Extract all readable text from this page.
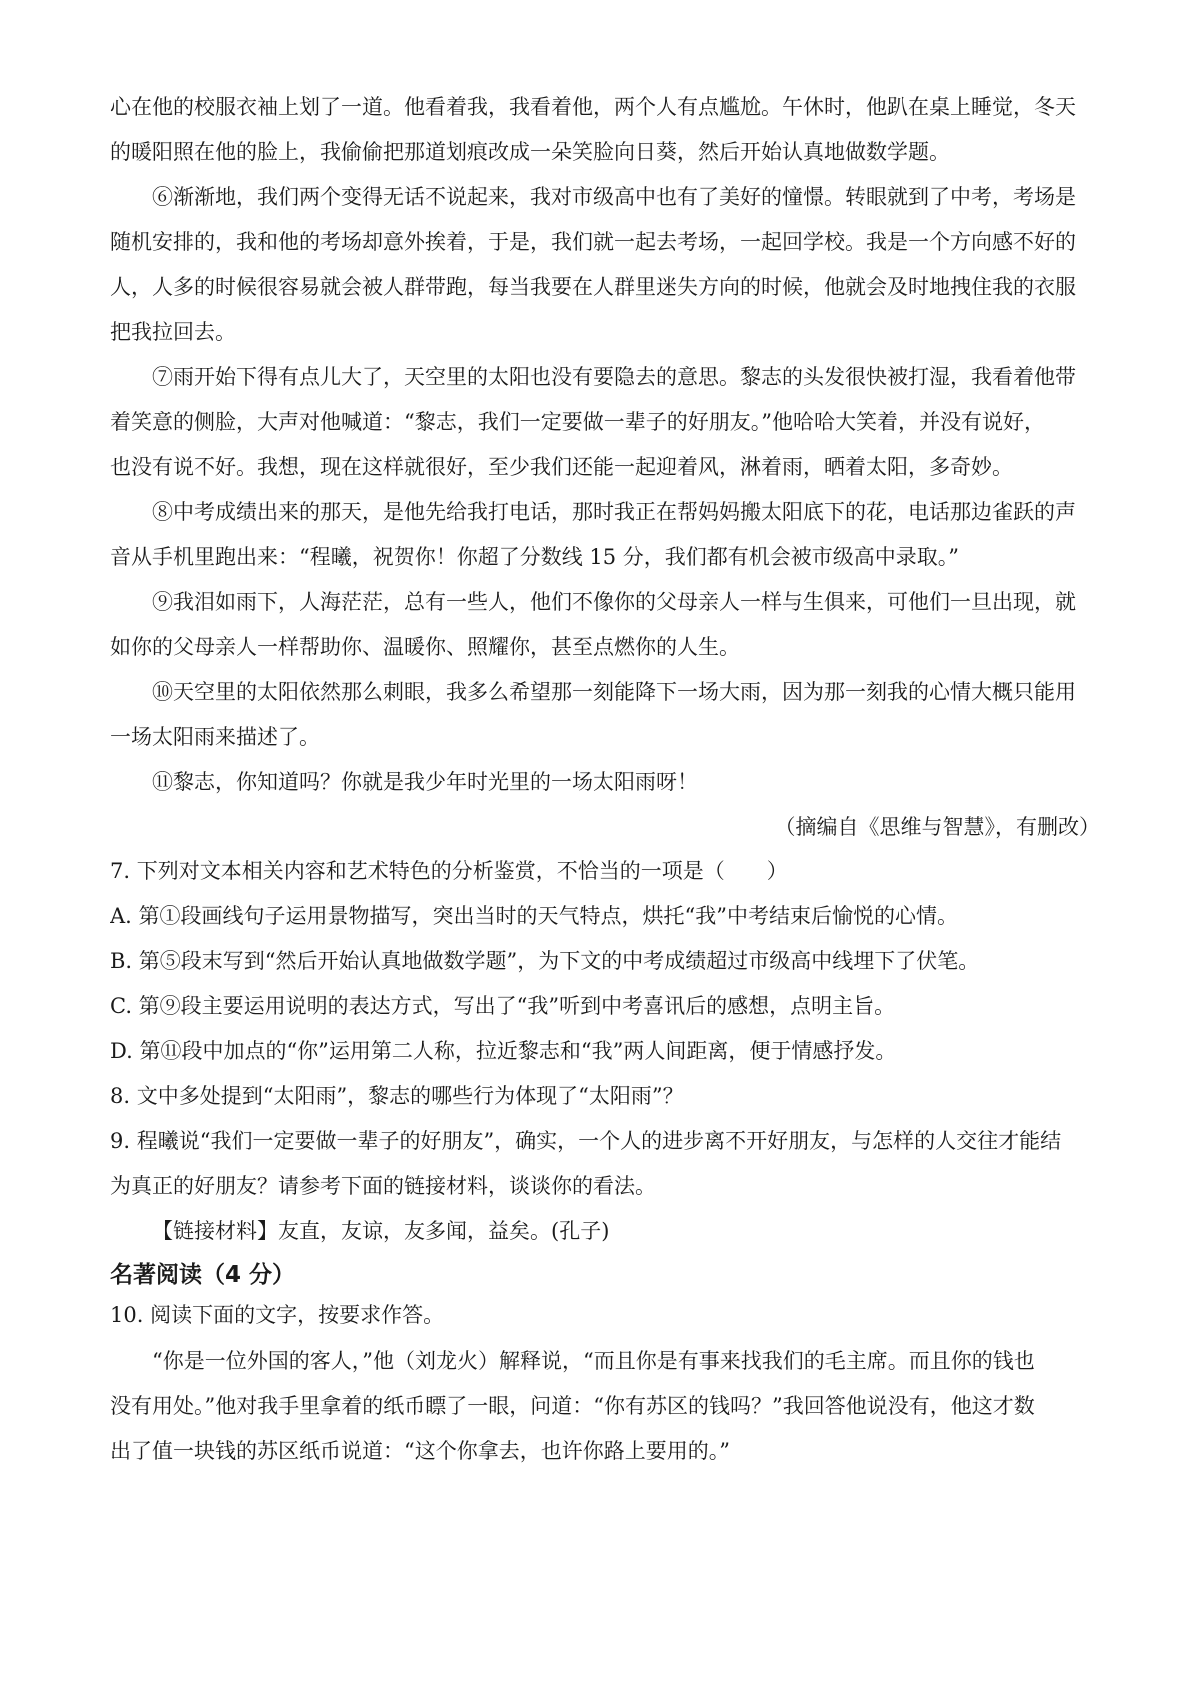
心在他的校服衣袖上划了一道。他看着我，我看着他，两个人有点尴尬。午休时，他趴在桌上睡觉，冬天
的暖阳照在他的脸上，我偷偷把那道划痕改成一朵笑脸向日葵，然后开始认真地做数学题。
⑥渐渐地，我们两个变得无话不说起来，我对市级高中也有了美好的憧憬。转眼就到了中考，考场是
随机安排的，我和他的考场却意外挨着，于是，我们就一起去考场，一起回学校。我是一个方向感不好的
人，人多的时候很容易就会被人群带跑，每当我要在人群里迷失方向的时候，他就会及时地拽住我的衣服
把我拉回去。
⑦雨开始下得有点儿大了，天空里的太阳也没有要隐去的意思。黎志的头发很快被打湿，我看着他带
着笑意的侧脸，大声对他喊道：“黎志，我们一定要做一辈子的好朋友。”他哈哈大笑着，并没有说好，
也没有说不好。我想，现在这样就很好，至少我们还能一起迎着风，淋着雨，晒着太阳，多奇妙。
⑧中考成绩出来的那天，是他先给我打电话，那时我正在帮妈妈搬太阳底下的花，电话那边雀跃的声
音从手机里跑出来：“程曦，祝贺你！你超了分数线 15 分，我们都有机会被市级高中录取。”
⑨我泪如雨下，人海茫茫，总有一些人，他们不像你的父母亲人一样与生俱来，可他们一旦出现，就
如你的父母亲人一样帮助你、温暖你、照耀你，甚至点燃你的人生。
⑩天空里的太阳依然那么刺眼，我多么希望那一刻能降下一场大雨，因为那一刻我的心情大概只能用
一场太阳雨来描述了。
⑪黎志，你知道吗？你就是我少年时光里的一场太阳雨呀！
（摘编自《思维与智慧》，有删改）
7. 下列对文本相关内容和艺术特色的分析鉴赏，不恰当的一项是（　　）
A. 第①段画线句子运用景物描写，突出当时的天气特点，烘托“我”中考结束后愉悦的心情。
B. 第⑤段末写到“然后开始认真地做数学题”，为下文的中考成绩超过市级高中线埋下了伏笔。
C. 第⑨段主要运用说明的表达方式，写出了“我”听到中考喜讯后的感想，点明主旨。
D. 第⑪段中加点的“你”运用第二人称，拉近黎志和“我”两人间距离，便于情感抒发。
8. 文中多处提到“太阳雨”，黎志的哪些行为体现了“太阳雨”？
9. 程曦说“我们一定要做一辈子的好朋友”，确实，一个人的进步离不开好朋友，与怎样的人交往才能结
为真正的好朋友？请参考下面的链接材料，谈谈你的看法。
【链接材料】友直，友谅，友多闻，益矣。(孔子)
名著阅读（4 分）
10. 阅读下面的文字，按要求作答。
“你是一位外国的客人，”他（刘龙火）解释说，“而且你是有事来找我们的毛主席。而且你的钱也
没有用处。”他对我手里拿着的纸币瞟了一眼，问道：“你有苏区的钱吗？”我回答他说没有，他这才数
出了值一块钱的苏区纸币说道：“这个你拿去，也许你路上要用的。”
